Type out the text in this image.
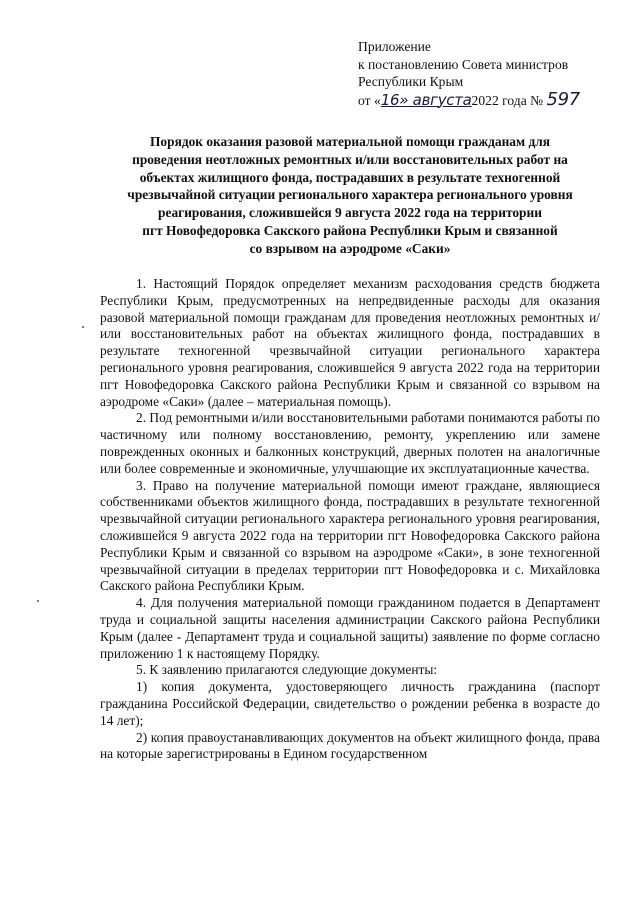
Приложение
к постановлению Совета министров
Республики Крым
от «16» августа2022 года № 597
Порядок оказания разовой материальной помощи гражданам для
проведения неотложных ремонтных и/или восстановительных работ на
объектах жилищного фонда, пострадавших в результате техногенной
чрезвычайной ситуации регионального характера регионального уровня
реагирования, сложившейся 9 августа 2022 года на территории
пгт Новофедоровка Сакского района Республики Крым и связанной
со взрывом на аэродроме «Саки»

1. Настоящий Порядок определяет механизм расходования средств бюджета Республики Крым, предусмотренных на непредвиденные расходы для оказания разовой материальной помощи гражданам для проведения неотложных ремонтных и/или восстановительных работ на объектах жилищного фонда, пострадавших в результате техногенной чрезвычайной ситуации регионального характера регионального уровня реагирования, сложившейся 9 августа 2022 года на территории пгт Новофедоровка Сакского района Республики Крым и связанной со взрывом на аэродроме «Саки» (далее – материальная помощь).

2. Под ремонтными и/или восстановительными работами понимаются работы по частичному или полному восстановлению, ремонту, укреплению или замене поврежденных оконных и балконных конструкций, дверных полотен на аналогичные или более современные и экономичные, улучшающие их эксплуатационные качества.

3. Право на получение материальной помощи имеют граждане, являющиеся собственниками объектов жилищного фонда, пострадавших в результате техногенной чрезвычайной ситуации регионального характера регионального уровня реагирования, сложившейся 9 августа 2022 года на территории пгт Новофедоровка Сакского района Республики Крым и связанной со взрывом на аэродроме «Саки», в зоне техногенной чрезвычайной ситуации в пределах территории пгт Новофедоровка и с. Михайловка Сакского района Республики Крым.

4. Для получения материальной помощи гражданином подается в Департамент труда и социальной защиты населения администрации Сакского района Республики Крым (далее - Департамент труда и социальной защиты) заявление по форме согласно приложению 1 к настоящему Порядку.

5. К заявлению прилагаются следующие документы:

1) копия документа, удостоверяющего личность гражданина (паспорт гражданина Российской Федерации, свидетельство о рождении ребенка в возрасте до 14 лет);

2) копия правоустанавливающих документов на объект жилищного фонда, права на которые зарегистрированы в Едином государственном
